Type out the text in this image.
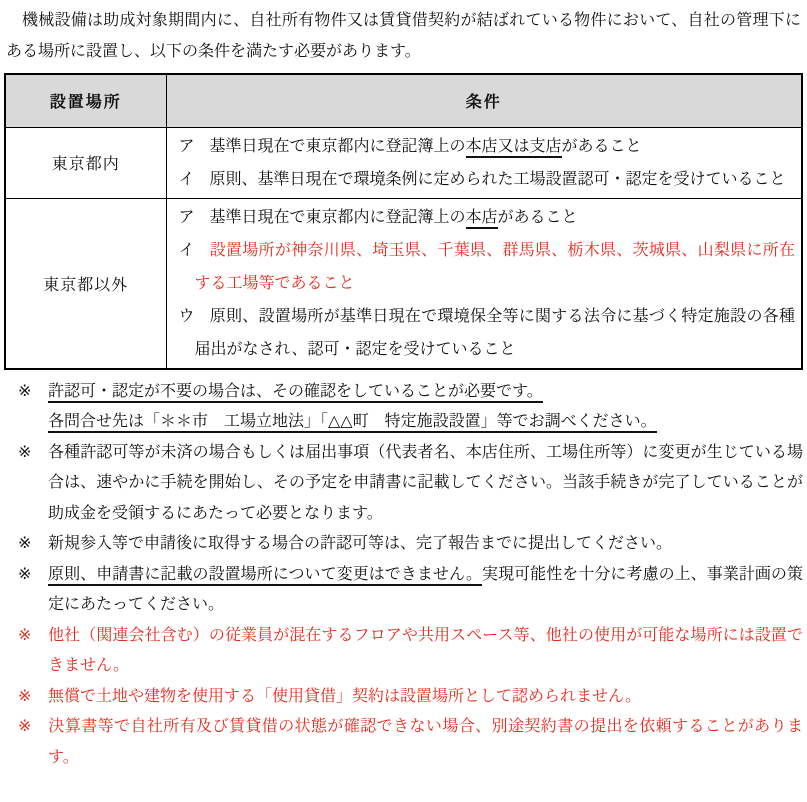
機械設備は助成対象期間内に、自社所有物件又は賃貸借契約が結ばれている物件において、自社の管理下にある場所に設置し、以下の条件を満たす必要があります。

設置場所	条件
東京都内	ア 基準日現在で東京都内に登記簿上の本店又は支店があること
イ 原則、基準日現在で環境条例に定められた工場設置認可・認定を受けていること

東京都以外	ア 基準日現在で東京都内に登記簿上の本店があること
イ 設置場所が神奈川県、埼玉県、千葉県、群馬県、栃木県、茨城県、山梨県に所在する工場等であること
ウ 原則、設置場所が基準日現在で環境保全等に関する法令に基づく特定施設の各種届出がなされ、認可・認定を受けていること
※ 許認可・認定が不要の場合は、その確認をしていることが必要です。
各問合せ先は「＊＊市　工場立地法」「△△町　特定施設設置」等でお調べください。
※ 各種許認可等が未済の場合もしくは届出事項（代表者名、本店住所、工場住所等）に変更が生じている場合は、速やかに手続を開始し、その予定を申請書に記載してください。当該手続きが完了していることが助成金を受領するにあたって必要となります。
※ 新規参入等で申請後に取得する場合の許認可等は、完了報告までに提出してください。
※ 原則、申請書に記載の設置場所について変更はできません。実現可能性を十分に考慮の上、事業計画の策定にあたってください。
※ 他社（関連会社含む）の従業員が混在するフロアや共用スペース等、他社の使用が可能な場所には設置できません。
※ 無償で土地や建物を使用する「使用貸借」契約は設置場所として認められません。
※ 決算書等で自社所有及び賃貸借の状態が確認できない場合、別途契約書の提出を依頼することがあります。
